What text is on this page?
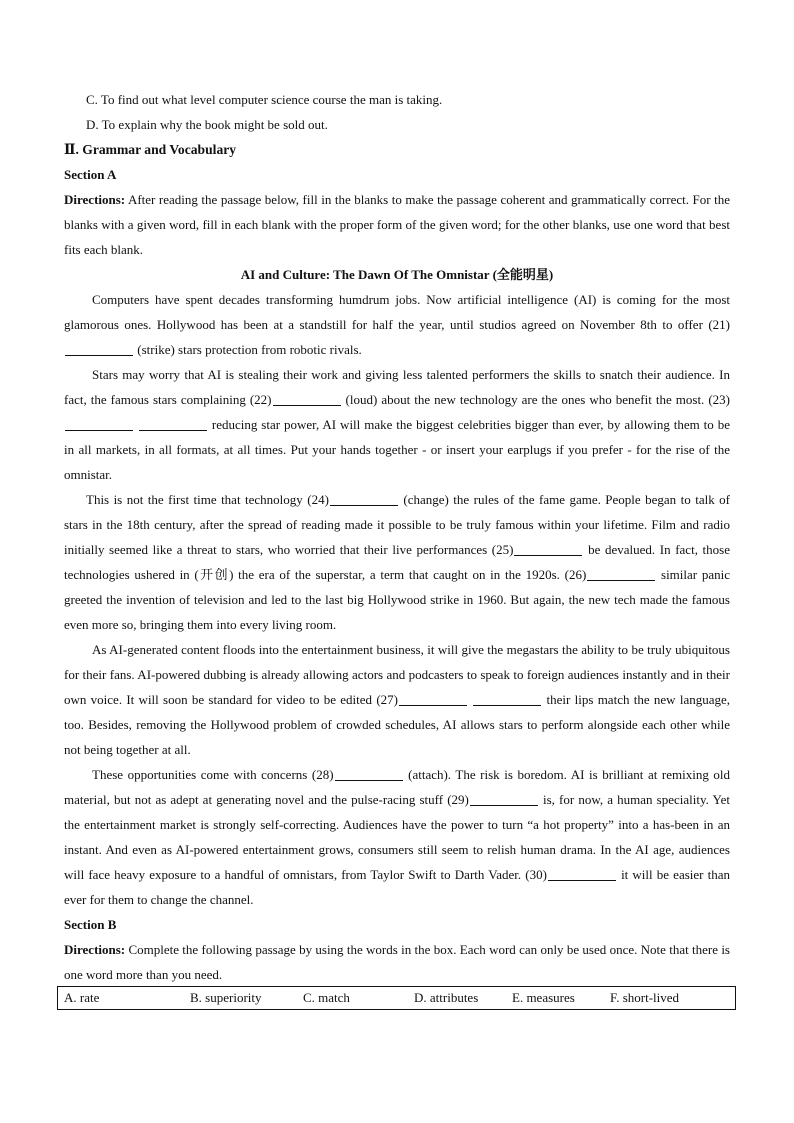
C. To find out what level computer science course the man is taking.
D. To explain why the book might be sold out.
Ⅱ. Grammar and Vocabulary
Section A
Directions: After reading the passage below, fill in the blanks to make the passage coherent and grammatically correct. For the blanks with a given word, fill in each blank with the proper form of the given word; for the other blanks, use one word that best fits each blank.
AI and Culture: The Dawn Of The Omnistar (全能明星)

Computers have spent decades transforming humdrum jobs. Now artificial intelligence (AI) is coming for the most glamorous ones. Hollywood has been at a standstill for half the year, until studios agreed on November 8th to offer (21) (strike) stars protection from robotic rivals.

Stars may worry that AI is stealing their work and giving less talented performers the skills to snatch their audience. In fact, the famous stars complaining (22)	(loud) about the new technology are the ones who benefit the most. (23)  reducing star power, AI will make the biggest celebrities bigger than ever, by allowing them to be in all markets, in all formats, at all times. Put your hands together - or insert your earplugs if you prefer - for the rise of the omnistar.

This is not the first time that technology (24)	(change) the rules of the fame game. People began to talk of stars in the 18th century, after the spread of reading made it possible to be truly famous within your lifetime. Film and radio initially seemed like a threat to stars, who worried that their live performances (25)	be devalued. In fact, those technologies ushered in (开创) the era of the superstar, a term that caught on in the 1920s. (26)	similar panic greeted the invention of television and led to the last big Hollywood strike in 1960. But again, the new tech made the famous even more so, bringing them into every living room.

As AI-generated content floods into the entertainment business, it will give the megastars the ability to be truly ubiquitous for their fans. AI-powered dubbing is already allowing actors and podcasters to speak to foreign audiences instantly and in their own voice. It will soon be standard for video to be edited (27)	their lips match the new language, too. Besides, removing the Hollywood problem of crowded schedules, AI allows stars to perform alongside each other while not being together at all.

These opportunities come with concerns (28)	(attach). The risk is boredom. AI is brilliant at remixing old material, but not as adept at generating novel and the pulse-racing stuff (29)	is, for now, a human speciality. Yet the entertainment market is strongly self-correcting. Audiences have the power to turn “a hot property” into a has-been in an instant. And even as AI-powered entertainment grows, consumers still seem to relish human drama. In the AI age, audiences will face heavy exposure to a handful of omnistars, from Taylor Swift to Darth Vader. (30)	it will be easier than ever for them to change the channel.

Section B
Directions: Complete the following passage by using the words in the box. Each word can only be used once. Note that there is one word more than you need.
A. rate	B. superiority	C. match	D. attributes	E. measures	F. short-lived
